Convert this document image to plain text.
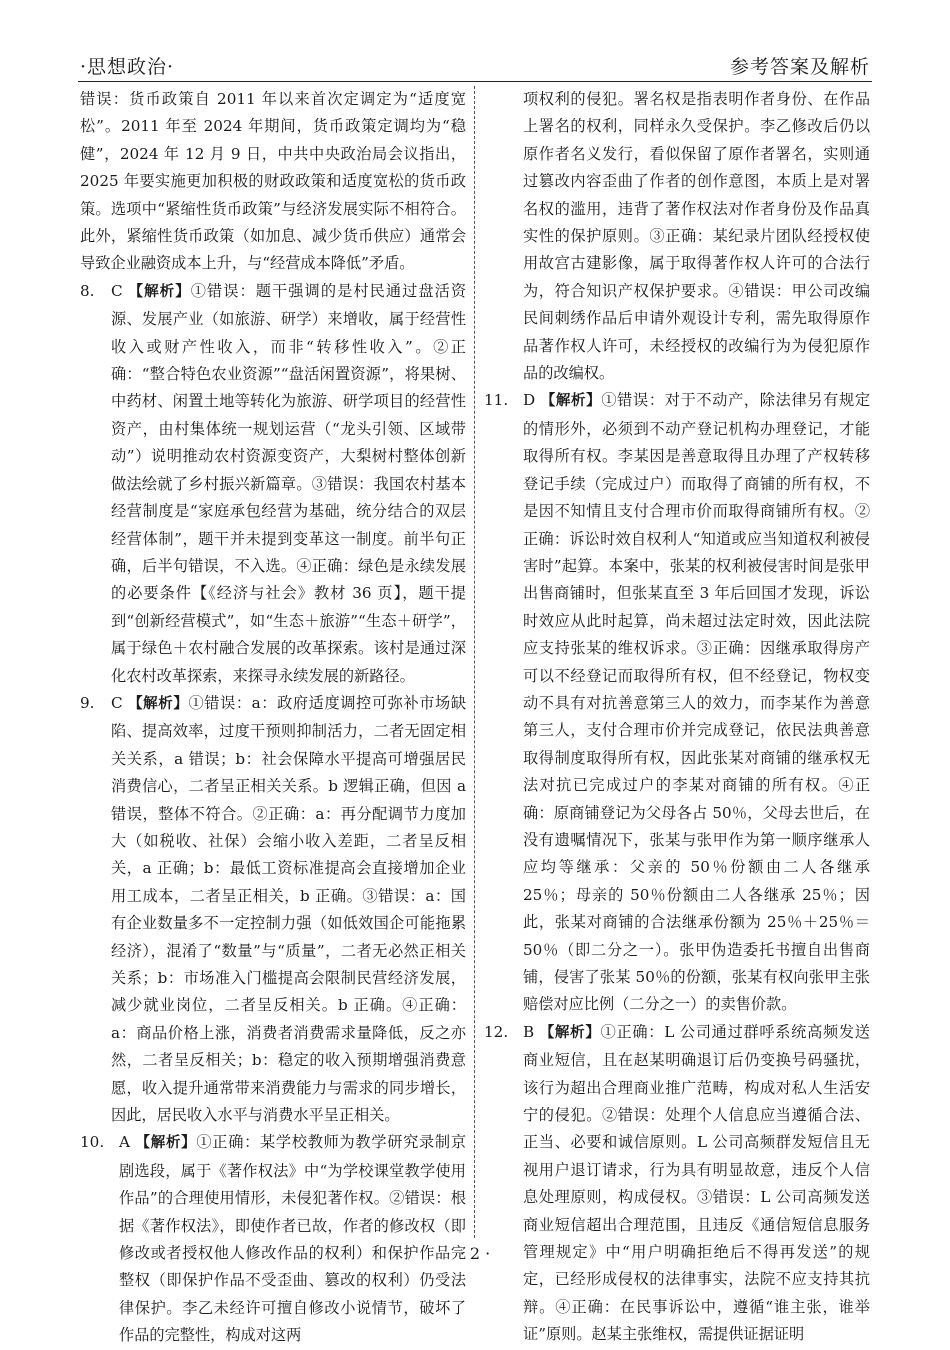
·思想政治·	参考答案及解析

错误：货币政策自 2011 年以来首次定调定为“适度宽松”。2011 年至 2024 年期间，货币政策定调均为“稳健”，2024 年 12 月 9 日，中共中央政治局会议指出，2025 年要实施更加积极的财政政策和适度宽松的货币政策。选项中“紧缩性货币政策”与经济发展实际不相符合。此外，紧缩性货币政策（如加息、减少货币供应）通常会导致企业融资成本上升，与“经营成本降低”矛盾。

8. C 【解析】①错误：题干强调的是村民通过盘活资源、发展产业（如旅游、研学）来增收，属于经营性收入或财产性收入，而非“转移性收入”。②正确：“整合特色农业资源”“盘活闲置资源”，将果树、中药材、闲置土地等转化为旅游、研学项目的经营性资产，由村集体统一规划运营（“龙头引领、区域带动”）说明推动农村资源变资产，大梨树村整体创新做法绘就了乡村振兴新篇章。③错误：我国农村基本经营制度是“家庭承包经营为基础，统分结合的双层经营体制”，题干并未提到变革这一制度。前半句正确，后半句错误，不入选。④正确：绿色是永续发展的必要条件【《经济与社会》教材 36 页】，题干提到“创新经营模式”，如“生态＋旅游”“生态＋研学”，属于绿色＋农村融合发展的改革探索。该村是通过深化农村改革探索，来探寻永续发展的新路径。

9. C 【解析】①错误：a：政府适度调控可弥补市场缺陷、提高效率，过度干预则抑制活力，二者无固定相关关系，a 错误；b：社会保障水平提高可增强居民消费信心，二者呈正相关关系。b 逻辑正确，但因 a 错误，整体不符合。②正确：a：再分配调节力度加大（如税收、社保）会缩小收入差距，二者呈反相关，a 正确；b：最低工资标准提高会直接增加企业用工成本，二者呈正相关，b 正确。③错误：a：国有企业数量多不一定控制力强（如低效国企可能拖累经济），混淆了“数量”与“质量”，二者无必然正相关关系；b：市场准入门槛提高会限制民营经济发展，减少就业岗位，二者呈反相关。b 正确。④正确：a：商品价格上涨，消费者消费需求量降低，反之亦然，二者呈反相关；b：稳定的收入预期增强消费意愿，收入提升通常带来消费能力与需求的同步增长，因此，居民收入水平与消费水平呈正相关。

10. A 【解析】①正确：某学校教师为教学研究录制京剧选段，属于《著作权法》中“为学校课堂教学使用作品”的合理使用情形，未侵犯著作权。②错误：根据《著作权法》，即使作者已故，作者的修改权（即修改或者授权他人修改作品的权利）和保护作品完整权（即保护作品不受歪曲、篡改的权利）仍受法律保护。李乙未经许可擅自修改小说情节，破坏了作品的完整性，构成对这两

项权利的侵犯。署名权是指表明作者身份、在作品上署名的权利，同样永久受保护。李乙修改后仍以原作者名义发行，看似保留了原作者署名，实则通过篡改内容歪曲了作者的创作意图，本质上是对署名权的滥用，违背了著作权法对作者身份及作品真实性的保护原则。③正确：某纪录片团队经授权使用故宫古建影像，属于取得著作权人许可的合法行为，符合知识产权保护要求。④错误：甲公司改编民间刺绣作品后申请外观设计专利，需先取得原作品著作权人许可，未经授权的改编行为为侵犯原作品的改编权。

11. D 【解析】①错误：对于不动产，除法律另有规定的情形外，必须到不动产登记机构办理登记，才能取得所有权。李某因是善意取得且办理了产权转移登记手续（完成过户）而取得了商铺的所有权，不是因不知情且支付合理市价而取得商铺所有权。②正确：诉讼时效自权利人“知道或应当知道权利被侵害时”起算。本案中，张某的权利被侵害时间是张甲出售商铺时，但张某直至 3 年后回国才发现，诉讼时效应从此时起算，尚未超过法定时效，因此法院应支持张某的维权诉求。③正确：因继承取得房产可以不经登记而取得所有权，但不经登记，物权变动不具有对抗善意第三人的效力，而李某作为善意第三人，支付合理市价并完成登记，依民法典善意取得制度取得所有权，因此张某对商铺的继承权无法对抗已完成过户的李某对商铺的所有权。④正确：原商铺登记为父母各占 50％，父母去世后，在没有遗嘱情况下，张某与张甲作为第一顺序继承人应均等继承：父亲的 50％份额由二人各继承 25％；母亲的 50％份额由二人各继承 25％；因此，张某对商铺的合法继承份额为 25％＋25％＝50％（即二分之一）。张甲伪造委托书擅自出售商铺，侵害了张某 50％的份额，张某有权向张甲主张赔偿对应比例（二分之一）的卖售价款。

12. B 【解析】①正确：L 公司通过群呼系统高频发送商业短信，且在赵某明确退订后仍变换号码骚扰，该行为超出合理商业推广范畴，构成对私人生活安宁的侵犯。②错误：处理个人信息应当遵循合法、正当、必要和诚信原则。L 公司高频群发短信且无视用户退订请求，行为具有明显故意，违反个人信息处理原则，构成侵权。③错误：L 公司高频发送商业短信超出合理范围，且违反《通信短信息服务管理规定》中“用户明确拒绝后不得再发送”的规定，已经形成侵权的法律事实，法院不应支持其抗辩。④正确：在民事诉讼中，遵循“谁主张，谁举证”原则。赵某主张维权，需提供证据证明

· 2 ·
